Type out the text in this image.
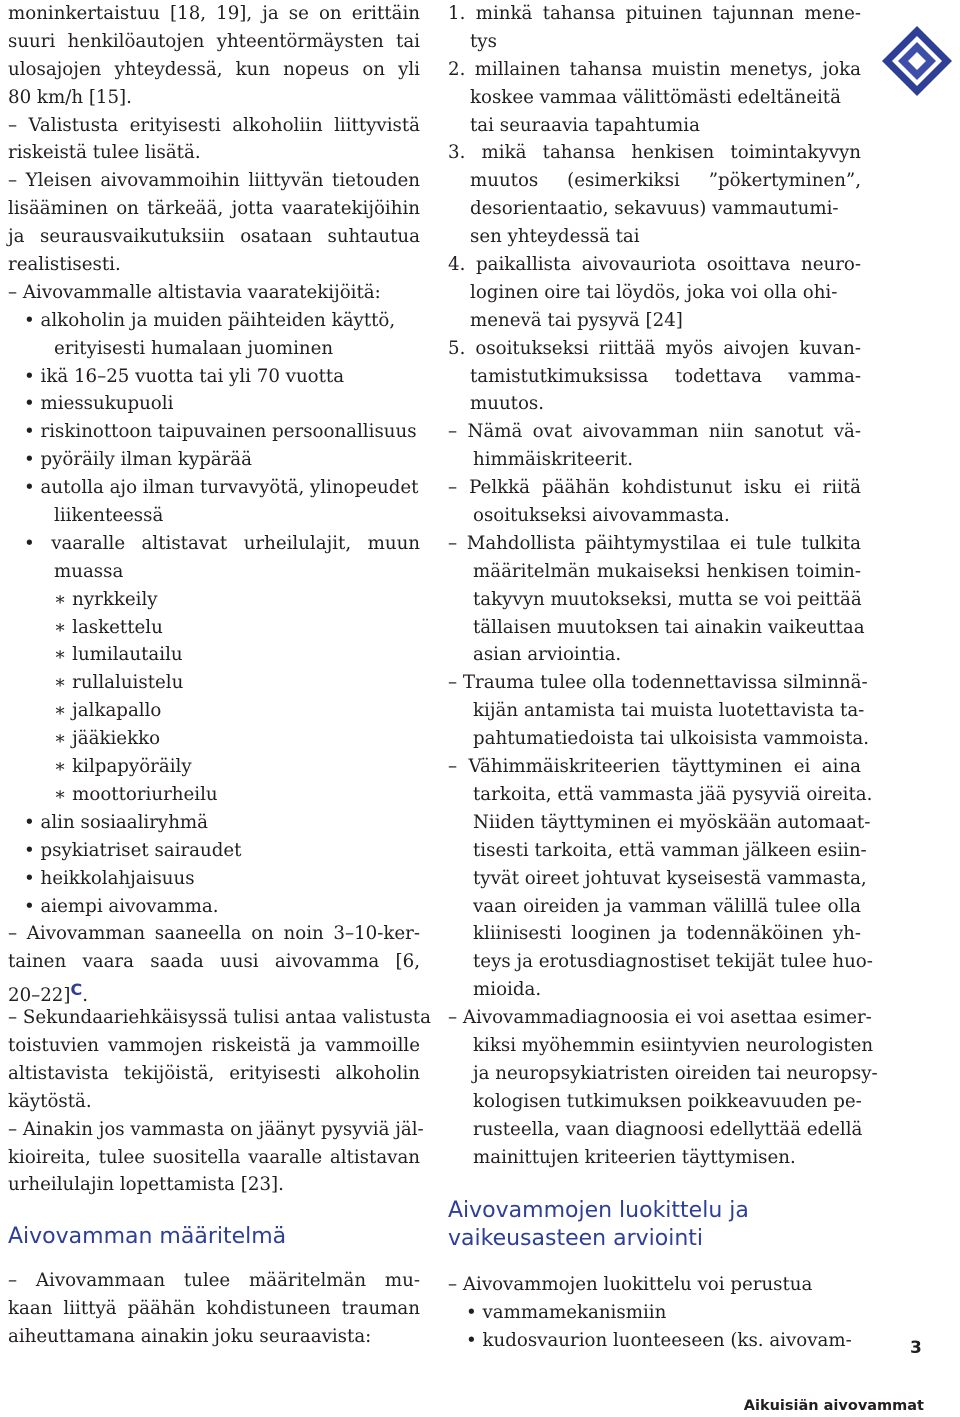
moninkertaistuu [18, 19], ja se on erittäin
suuri henkilöautojen yhteentörmäysten tai
ulosajojen yhteydessä, kun nopeus on yli
80 km/h [15].
– Valistusta erityisesti alkoholiin liittyvistä
riskeistä tulee lisätä.
– Yleisen aivovammoihin liittyvän tietouden
lisääminen on tärkeää, jotta vaaratekijöihin
ja seurausvaikutuksiin osataan suhtautua
realistisesti.
– Aivovammalle altistavia vaaratekijöitä:
• alkoholin ja muiden päihteiden käyttö,
erityisesti humalaan juominen
• ikä 16–25 vuotta tai yli 70 vuotta
• miessukupuoli
• riskinottoon taipuvainen persoonallisuus
• pyöräily ilman kypärää
• autolla ajo ilman turvavyötä, ylinopeudet
liikenteessä
• vaaralle altistavat urheilulajit, muun
muassa
∗ nyrkkeily
∗ laskettelu
∗ lumilautailu
∗ rullaluistelu
∗ jalkapallo
∗ jääkiekko
∗ kilpapyöräily
∗ moottoriurheilu
• alin sosiaaliryhmä
• psykiatriset sairaudet
• heikkolahjaisuus
• aiempi aivovamma.
– Aivovamman saaneella on noin 3–10-ker-
tainen vaara saada uusi aivovamma [6,
20–22]C.
– Sekundaariehkäisyssä tulisi antaa valistusta
toistuvien vammojen riskeistä ja vammoille
altistavista tekijöistä, erityisesti alkoholin
käytöstä.
– Ainakin jos vammasta on jäänyt pysyviä jäl-
kioireita, tulee suositella vaaralle altistavan
urheilulajin lopettamista [23].
Aivovamman määritelmä
– Aivovammaan tulee määritelmän mu-
kaan liittyä päähän kohdistuneen trauman
aiheuttamana ainakin joku seuraavista:
1. minkä tahansa pituinen tajunnan mene-
tys
2. millainen tahansa muistin menetys, joka
koskee vammaa välittömästi edeltäneitä
tai seuraavia tapahtumia
3. mikä tahansa henkisen toimintakyvyn
muutos (esimerkiksi ”pökertyminen”,
desorientaatio, sekavuus) vammautumi-
sen yhteydessä tai
4. paikallista aivovauriota osoittava neuro-
loginen oire tai löydös, joka voi olla ohi-
menevä tai pysyvä [24]
5. osoitukseksi riittää myös aivojen kuvan-
tamistutkimuksissa todettava vamma-
muutos.
– Nämä ovat aivovamman niin sanotut vä-
himmäiskriteerit.
– Pelkkä päähän kohdistunut isku ei riitä
osoitukseksi aivovammasta.
– Mahdollista päihtymystilaa ei tule tulkita
määritelmän mukaiseksi henkisen toimin-
takyvyn muutokseksi, mutta se voi peittää
tällaisen muutoksen tai ainakin vaikeuttaa
asian arviointia.
– Trauma tulee olla todennettavissa silminnä-
kijän antamista tai muista luotettavista ta-
pahtumatiedoista tai ulkoisista vammoista.
– Vähimmäiskriteerien täyttyminen ei aina
tarkoita, että vammasta jää pysyviä oireita.
Niiden täyttyminen ei myöskään automaat-
tisesti tarkoita, että vamman jälkeen esiin-
tyvät oireet johtuvat kyseisestä vammasta,
vaan oireiden ja vamman välillä tulee olla
kliinisesti looginen ja todennäköinen yh-
teys ja erotusdiagnostiset tekijät tulee huo-
mioida.
– Aivovammadiagnoosia ei voi asettaa esimer-
kiksi myöhemmin esiintyvien neurologisten
ja neuropsykiatristen oireiden tai neuropsy-
kologisen tutkimuksen poikkeavuuden pe-
rusteella, vaan diagnoosi edellyttää edellä
mainittujen kriteerien täyttymisen.
Aivovammojen luokittelu ja
vaikeusasteen arviointi
– Aivovammojen luokittelu voi perustua
• vammamekanismiin
• kudosvaurion luonteeseen (ks. aivovam-	3
Aikuisiän aivovammat
